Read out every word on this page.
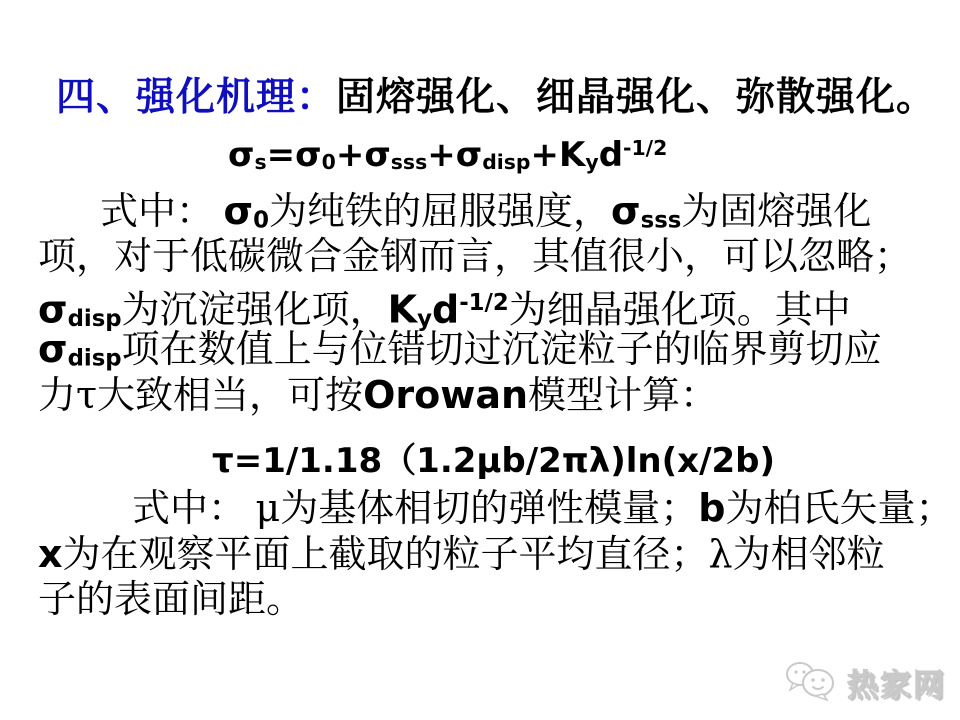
四、强化机理：固熔强化、细晶强化、弥散强化。
σs=σ0+σsss+σdisp+Kyd$^{-1/2}$
式中： σ0为纯铁的屈服强度，σsss为固熔强化
项，对于低碳微合金钢而言，其值很小，可以忽略；
σdisp为沉淀强化项，Kyd$^{-1/2}$为细晶强化项。其中
σdisp项在数值上与位错切过沉淀粒子的临界剪切应
力τ大致相当，可按Orowan模型计算：
τ=1/1.18（1.2μb/2πλ)ln(x/2b)
式中： μ为基体相切的弹性模量；b为柏氏矢量；
x为在观察平面上截取的粒子平均直径；λ为相邻粒
子的表面间距。
热家网
